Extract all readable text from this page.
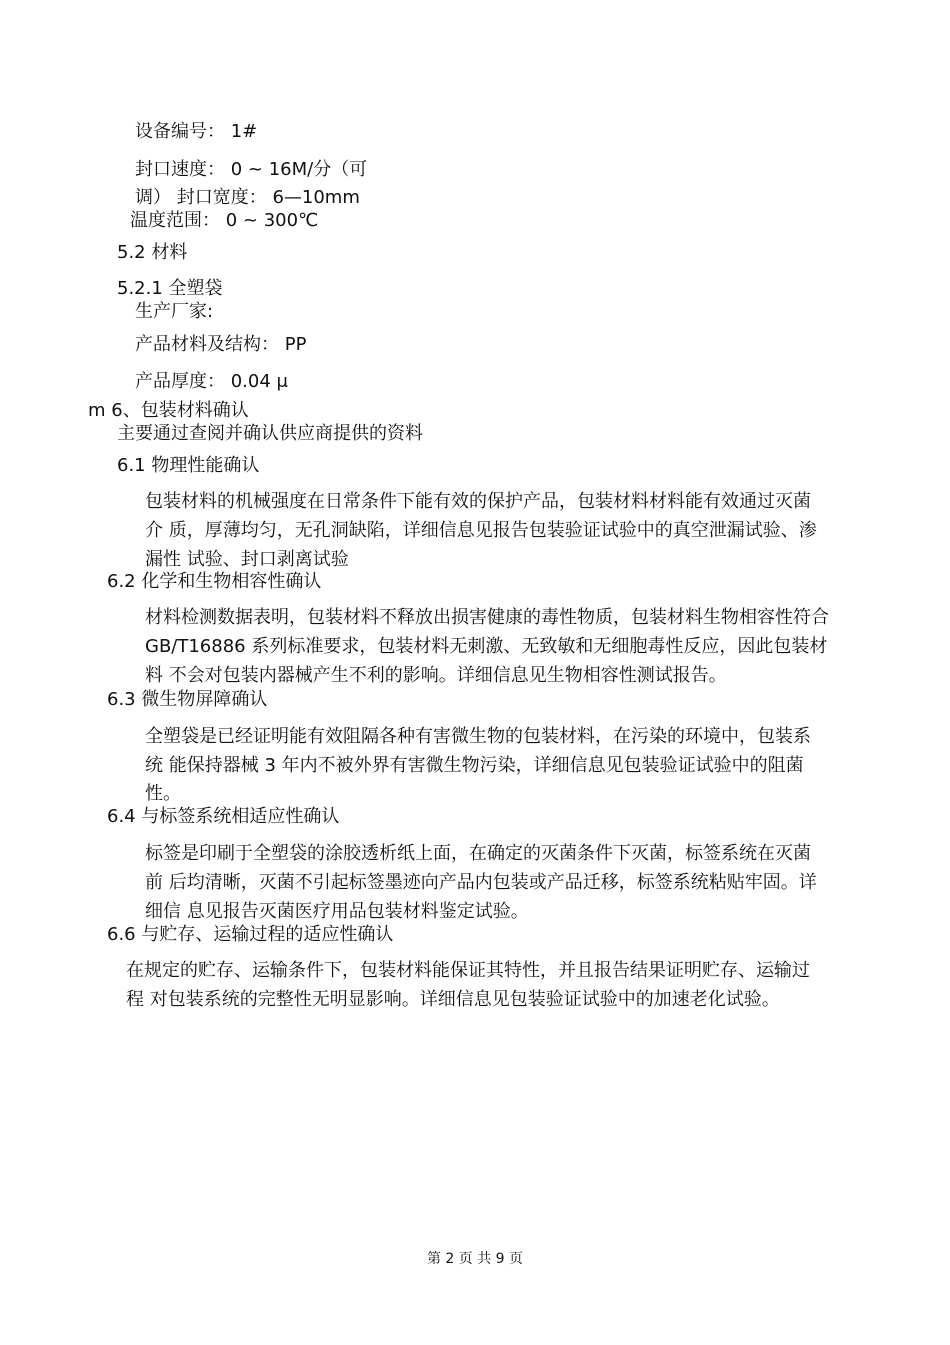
设备编号： 1#
封口速度： 0 ~ 16M/分（可
调） 封口宽度： 6—10mm
温度范围： 0 ~ 300℃
5.2 材料
5.2.1 全塑袋
生产厂家:
产品材料及结构： PP
产品厚度： 0.04 μ
m 6、包装材料确认
主要通过查阅并确认供应商提供的资料
6.1 物理性能确认
包装材料的机械强度在日常条件下能有效的保护产品，包装材料材料能有效通过灭菌
介 质，厚薄均匀，无孔洞缺陷，详细信息见报告包装验证试验中的真空泄漏试验、渗
漏性 试验、封口剥离试验
6.2 化学和生物相容性确认
材料检测数据表明，包装材料不释放出损害健康的毒性物质，包装材料生物相容性符合
GB/T16886 系列标准要求，包装材料无刺激、无致敏和无细胞毒性反应，因此包装材
料 不会对包装内器械产生不利的影响。详细信息见生物相容性测试报告。
6.3 微生物屏障确认
全塑袋是已经证明能有效阻隔各种有害微生物的包装材料，在污染的环境中，包装系
统 能保持器械 3 年内不被外界有害微生物污染，详细信息见包装验证试验中的阻菌
性。
6.4 与标签系统相适应性确认
标签是印刷于全塑袋的涂胶透析纸上面，在确定的灭菌条件下灭菌，标签系统在灭菌
前 后均清晰，灭菌不引起标签墨迹向产品内包装或产品迁移，标签系统粘贴牢固。详
细信 息见报告灭菌医疗用品包装材料鉴定试验。
6.6 与贮存、运输过程的适应性确认
在规定的贮存、运输条件下，包装材料能保证其特性，并且报告结果证明贮存、运输过
程 对包装系统的完整性无明显影响。详细信息见包装验证试验中的加速老化试验。
第 2 页 共 9 页
